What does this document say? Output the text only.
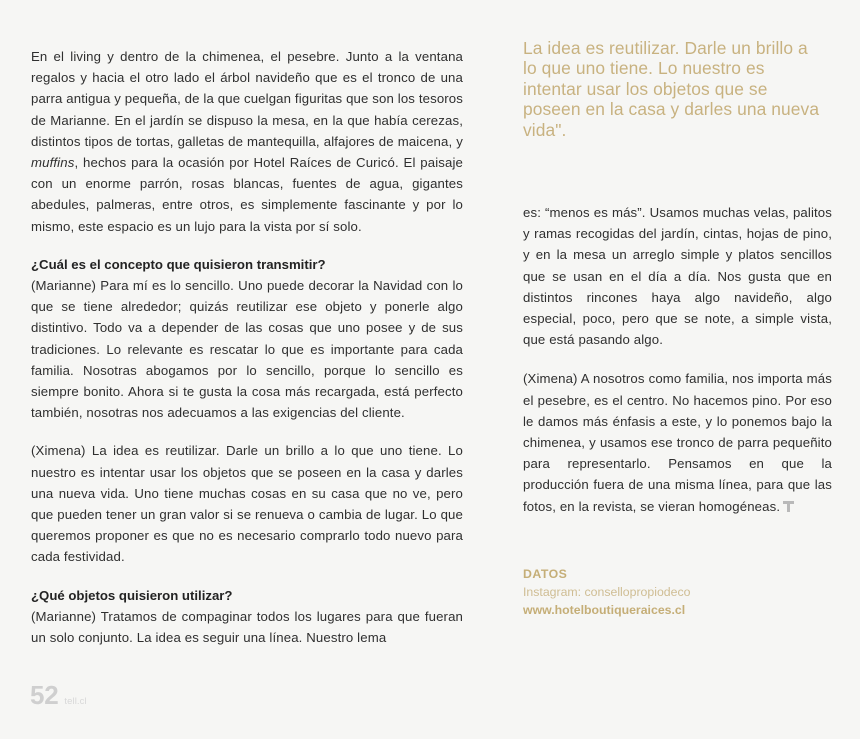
En el living y dentro de la chimenea, el pesebre. Junto a la ventana regalos y hacia el otro lado el árbol navideño que es el tronco de una parra antigua y pequeña, de la que cuelgan figuritas que son los tesoros de Marianne. En el jardín se dispuso la mesa, en la que había cerezas, distintos tipos de tortas, galletas de mantequilla, alfajores de maicena, y muffins, hechos para la ocasión por Hotel Raíces de Curicó. El paisaje con un enorme parrón, rosas blancas, fuentes de agua, gigantes abedules, palmeras, entre otros, es simplemente fascinante y por lo mismo, este espacio es un lujo para la vista por sí solo.

¿Cuál es el concepto que quisieron transmitir?

(Marianne) Para mí es lo sencillo. Uno puede decorar la Navidad con lo que se tiene alrededor; quizás reutilizar ese objeto y ponerle algo distintivo. Todo va a depender de las cosas que uno posee y de sus tradiciones. Lo relevante es rescatar lo que es importante para cada familia. Nosotras abogamos por lo sencillo, porque lo sencillo es siempre bonito. Ahora si te gusta la cosa más recargada, está perfecto también, nosotras nos adecuamos a las exigencias del cliente.

(Ximena) La idea es reutilizar. Darle un brillo a lo que uno tiene. Lo nuestro es intentar usar los objetos que se poseen en la casa y darles una nueva vida. Uno tiene muchas cosas en su casa que no ve, pero que pueden tener un gran valor si se renueva o cambia de lugar. Lo que queremos proponer es que no es necesario comprarlo todo nuevo para cada festividad.

¿Qué objetos quisieron utilizar?

(Marianne) Tratamos de compaginar todos los lugares para que fueran un solo conjunto. La idea es seguir una línea. Nuestro lema

La idea es reutilizar. Darle un brillo a lo que uno tiene. Lo nuestro es intentar usar los objetos que se poseen en la casa y darles una nueva vida".

es: “menos es más”. Usamos muchas velas, palitos y ramas recogidas del jardín, cintas, hojas de pino, y en la mesa un arreglo simple y platos sencillos que se usan en el día a día. Nos gusta que en distintos rincones haya algo navideño, algo especial, poco, pero que se note, a simple vista, que está pasando algo.

(Ximena) A nosotros como familia, nos importa más el pesebre, es el centro. No hacemos pino. Por eso le damos más énfasis a este, y lo ponemos bajo la chimenea, y usamos ese tronco de parra pequeñito para representarlo. Pensamos en que la producción fuera de una misma línea, para que las fotos, en la revista, se vieran homogéneas.

DATOS
Instagram: consellopropiodeco
www.hotelboutiqueraices.cl
52 tell.cl
